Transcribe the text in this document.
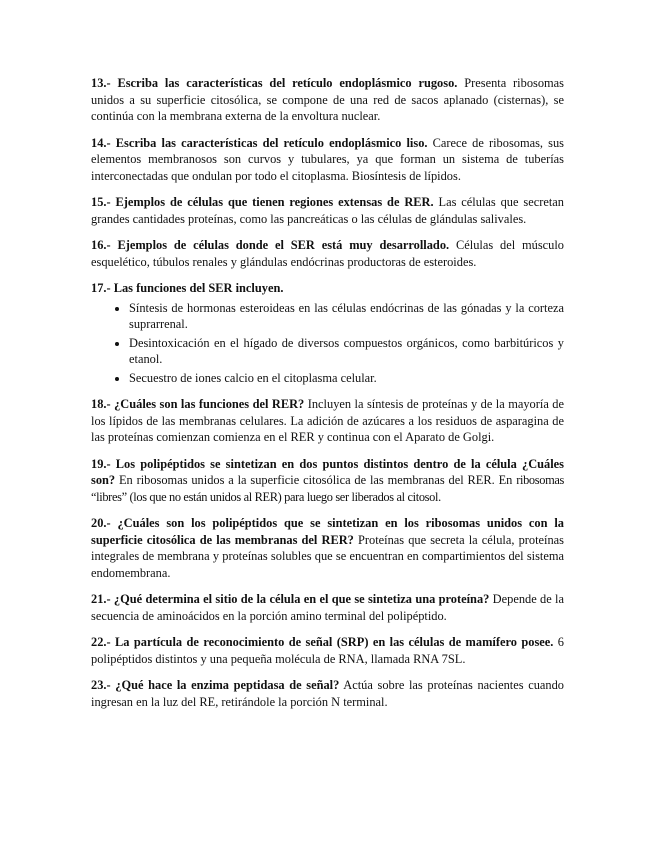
13.- Escriba las características del retículo endoplásmico rugoso. Presenta ribosomas unidos a su superficie citosólica, se compone de una red de sacos aplanado (cisternas), se continúa con la membrana externa de la envoltura nuclear.

14.- Escriba las características del retículo endoplásmico liso. Carece de ribosomas, sus elementos membranosos son curvos y tubulares, ya que forman un sistema de tuberías interconectadas que ondulan por todo el citoplasma. Biosíntesis de lípidos.

15.- Ejemplos de células que tienen regiones extensas de RER. Las células que secretan grandes cantidades proteínas, como las pancreáticas o las células de glándulas salivales.

16.- Ejemplos de células donde el SER está muy desarrollado. Células del músculo esquelético, túbulos renales y glándulas endócrinas productoras de esteroides.

17.- Las funciones del SER incluyen.

• Síntesis de hormonas esteroideas en las células endócrinas de las gónadas y la corteza suprarrenal.
• Desintoxicación en el hígado de diversos compuestos orgánicos, como barbitúricos y etanol.
• Secuestro de iones calcio en el citoplasma celular.

18.- ¿Cuáles son las funciones del RER? Incluyen la síntesis de proteínas y de la mayoría de los lípidos de las membranas celulares. La adición de azúcares a los residuos de asparagina de las proteínas comienzan comienza en el RER y continua con el Aparato de Golgi.

19.- Los polipéptidos se sintetizan en dos puntos distintos dentro de la célula ¿Cuáles son? En ribosomas unidos a la superficie citosólica de las membranas del RER. En ribosomas “libres” (los que no están unidos al RER) para luego ser liberados al citosol.

20.- ¿Cuáles son los polipéptidos que se sintetizan en los ribosomas unidos con la superficie citosólica de las membranas del RER? Proteínas que secreta la célula, proteínas integrales de membrana y proteínas solubles que se encuentran en compartimientos del sistema endomembrana.

21.- ¿Qué determina el sitio de la célula en el que se sintetiza una proteína? Depende de la secuencia de aminoácidos en la porción amino terminal del polipéptido.

22.- La partícula de reconocimiento de señal (SRP) en las células de mamífero posee. 6 polipéptidos distintos y una pequeña molécula de RNA, llamada RNA 7SL.

23.- ¿Qué hace la enzima peptidasa de señal? Actúa sobre las proteínas nacientes cuando ingresan en la luz del RE, retirándole la porción N terminal.
